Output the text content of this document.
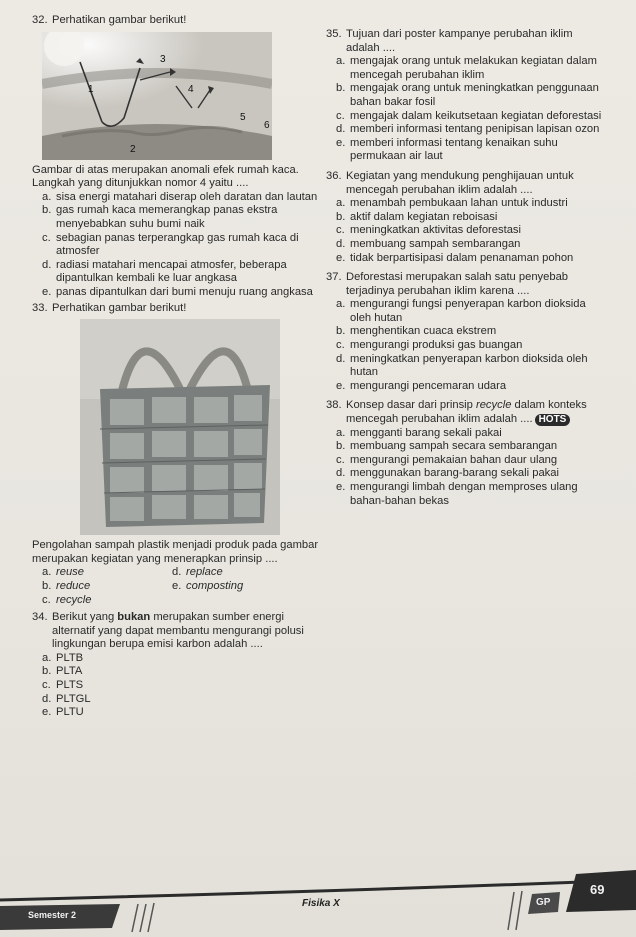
32. Perhatikan gambar berikut!
1
2
3
4
5
6
Gambar di atas merupakan anomali efek rumah kaca. Langkah yang ditunjukkan nomor 4 yaitu ....
a. sisa energi matahari diserap oleh daratan dan lautan
b. gas rumah kaca memerangkap panas ekstra menyebabkan suhu bumi naik
c. sebagian panas terperangkap gas rumah kaca di atmosfer
d. radiasi matahari mencapai atmosfer, beberapa dipantulkan kembali ke luar angkasa
e. panas dipantulkan dari bumi menuju ruang angkasa
33. Perhatikan gambar berikut!
Pengolahan sampah plastik menjadi produk pada gambar merupakan kegiatan yang menerapkan prinsip ....
a. reuse	d. replace
b. reduce	e. composting
c. recycle
34. Berikut yang bukan merupakan sumber energi alternatif yang dapat membantu mengurangi polusi lingkungan berupa emisi karbon adalah ....
a. PLTB
b. PLTA
c. PLTS
d. PLTGL
e. PLTU
35. Tujuan dari poster kampanye perubahan iklim adalah ....
a. mengajak orang untuk melakukan kegiatan dalam mencegah perubahan iklim
b. mengajak orang untuk meningkatkan penggunaan bahan bakar fosil
c. mengajak dalam keikutsetaan kegiatan deforestasi
d. memberi informasi tentang penipisan lapisan ozon
e. memberi informasi tentang kenaikan suhu permukaan air laut
36. Kegiatan yang mendukung penghijauan untuk mencegah perubahan iklim adalah ....
a. menambah pembukaan lahan untuk industri
b. aktif dalam kegiatan reboisasi
c. meningkatkan aktivitas deforestasi
d. membuang sampah sembarangan
e. tidak berpartisipasi dalam penanaman pohon
37. Deforestasi merupakan salah satu penyebab terjadinya perubahan iklim karena ....
a. mengurangi fungsi penyerapan karbon dioksida oleh hutan
b. menghentikan cuaca ekstrem
c. mengurangi produksi gas buangan
d. meningkatkan penyerapan karbon dioksida oleh hutan
e. mengurangi pencemaran udara
38. Konsep dasar dari prinsip recycle dalam konteks mencegah perubahan iklim adalah .... HOTS
a. mengganti barang sekali pakai
b. membuang sampah secara sembarangan
c. mengurangi pemakaian bahan daur ulang
d. menggunakan barang-barang sekali pakai
e. mengurangi limbah dengan memproses ulang bahan-bahan bekas
Semester 2
Fisika X	GP
69
